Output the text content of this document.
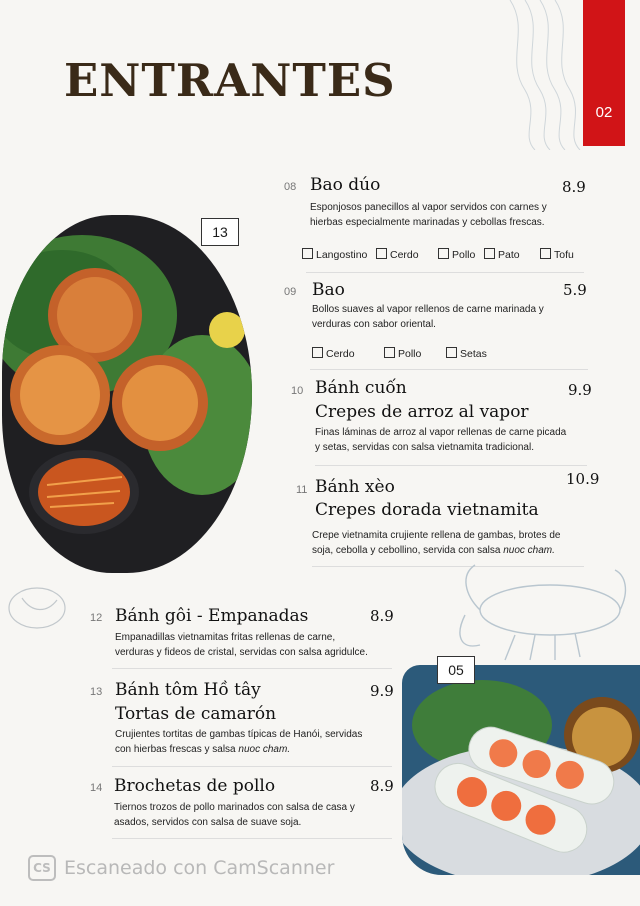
ENTRANTES
02
13
08 Bao dúo	8.9
Esponjosos panecillos al vapor servidos con carnes y
hierbas especialmente marinadas y cebollas frescas.
Langostino	Cerdo	Pollo	Pato	Tofu
09 Bao	5.9
Bollos suaves al vapor rellenos de carne marinada y
verduras con sabor oriental.
Cerdo	Pollo	Setas
10 Bánh cuốn	9.9
Crepes de arroz al vapor
Finas láminas de arroz al vapor rellenas de carne picada
y setas, servidas con salsa vietnamita tradicional.
11 Bánh xèo	10.9
Crepes dorada vietnamita
Crepe vietnamita crujiente rellena de gambas, brotes de
soja, cebolla y cebollino, servida con salsa nuoc cham.
12 Bánh gôi - Empanadas	8.9
Empanadillas vietnamitas fritas rellenas de carne,
verduras y fideos de cristal, servidas con salsa agridulce.
13 Bánh tôm Hồ tây	9.9
Tortas de camarón
Crujientes tortitas de gambas típicas de Hanói, servidas
con hierbas frescas y salsa nuoc cham.
14 Brochetas de pollo	8.9
Tiernos trozos de pollo marinados con salsa de casa y
asados, servidos con salsa de suave soja.
05
CS Escaneado con CamScanner
